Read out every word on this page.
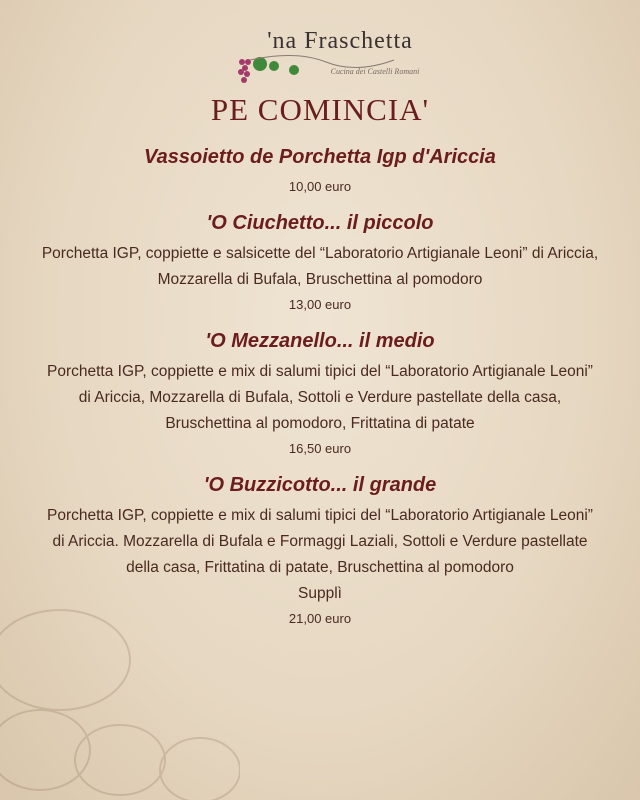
'na Fraschetta
Cucina dei Castelli Romani
PE COMINCIA'
Vassoietto de Porchetta Igp d'Ariccia
10,00 euro
'O Ciuchetto... il piccolo
Porchetta IGP, coppiette e salsicette del “Laboratorio Artigianale Leoni” di Ariccia, Mozzarella di Bufala, Bruschettina al pomodoro
13,00 euro
'O Mezzanello... il medio
Porchetta IGP, coppiette e mix di salumi tipici del “Laboratorio Artigianale Leoni” di Ariccia, Mozzarella di Bufala, Sottoli e Verdure pastellate della casa, Bruschettina al pomodoro, Frittatina di patate
16,50 euro
'O Buzzicotto... il grande
Porchetta IGP, coppiette e mix di salumi tipici del “Laboratorio Artigianale Leoni” di Ariccia. Mozzarella di Bufala e Formaggi Laziali, Sottoli e Verdure pastellate della casa, Frittatina di patate, Bruschettina al pomodoro
Supplì
21,00 euro
